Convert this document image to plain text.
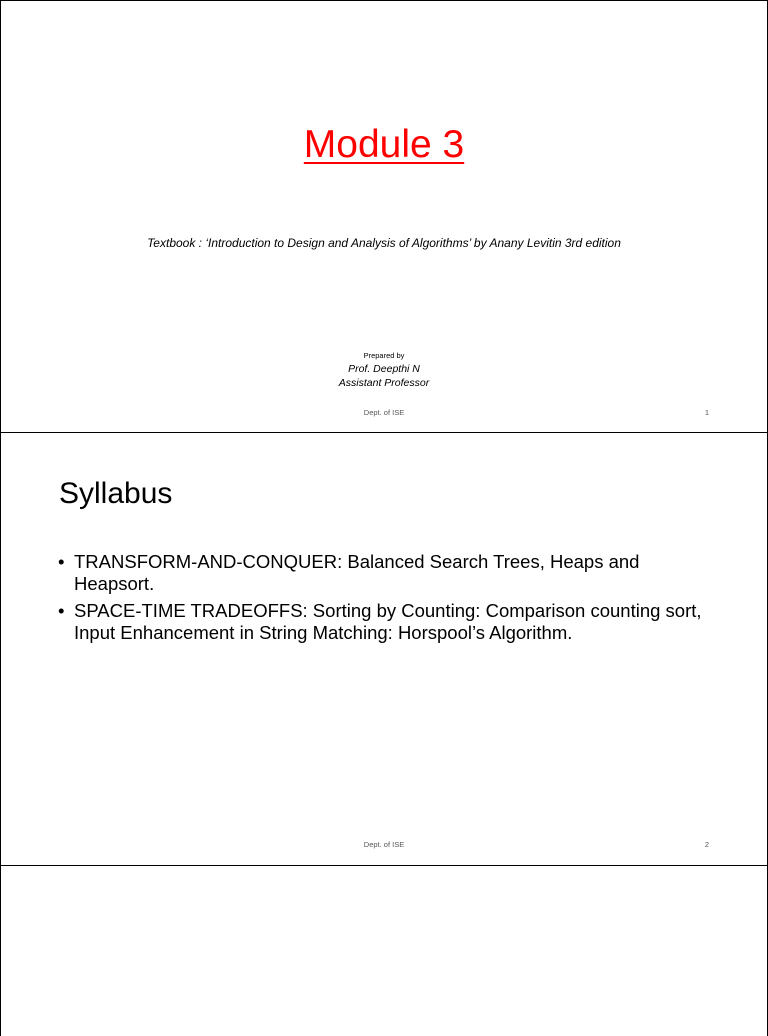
Module 3

Textbook : ‘Introduction to Design and Analysis of Algorithms’ by Anany Levitin 3rd edition

Prepared by
Prof. Deepthi N
Assistant Professor
Dept. of ISE	1
Syllabus
• TRANSFORM-AND-CONQUER: Balanced Search Trees, Heaps and Heapsort.
• SPACE-TIME TRADEOFFS: Sorting by Counting: Comparison counting sort, Input Enhancement in String Matching: Horspool’s Algorithm.
Dept. of ISE	2
